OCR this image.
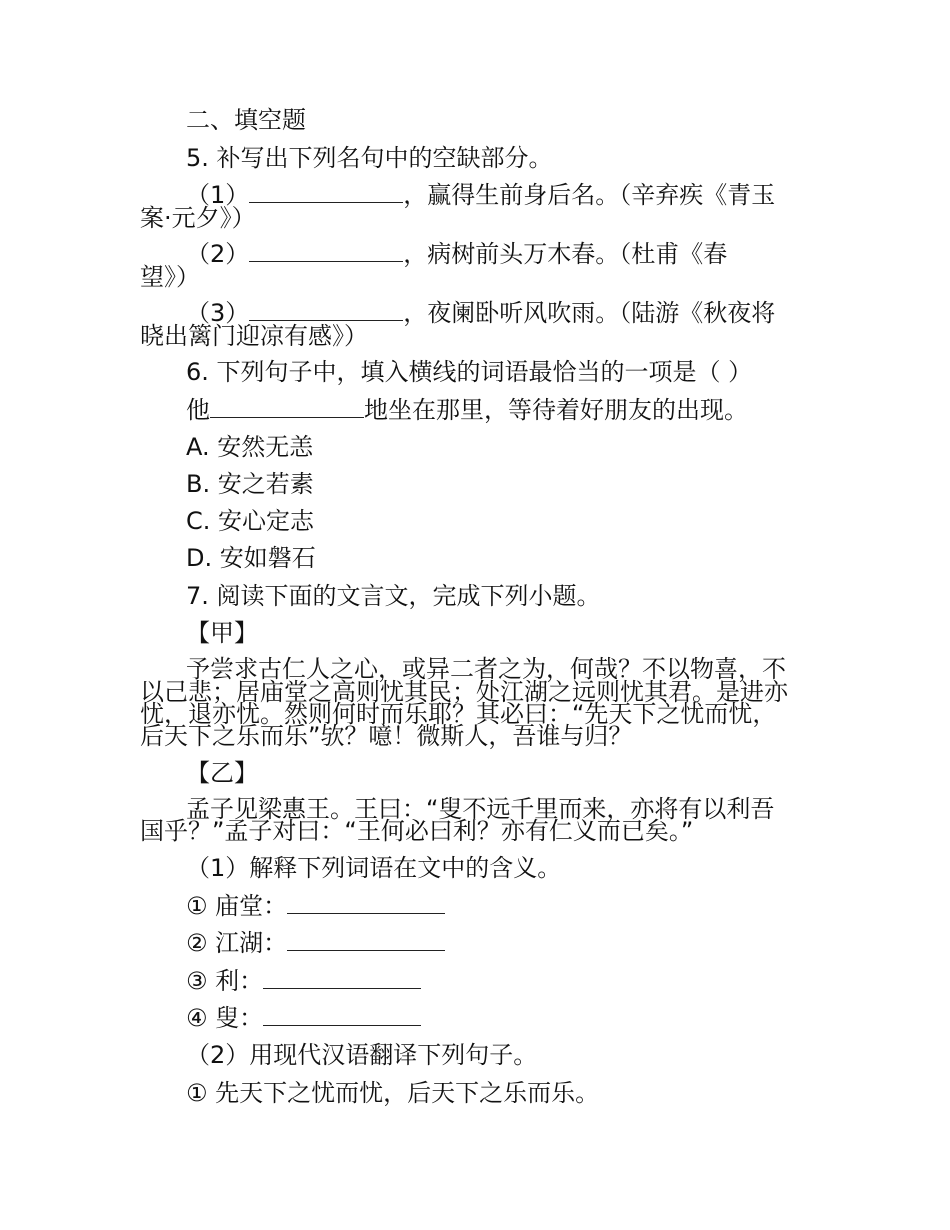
二、填空题
5. 补写出下列名句中的空缺部分。
（1）	，赢得生前身后名。（辛弃疾《青玉
案·元夕》）
（2）	，病树前头万木春。（杜甫《春
望》）
（3）	，夜阑卧听风吹雨。（陆游《秋夜将
晓出篱门迎凉有感》）
6. 下列句子中，填入横线的词语最恰当的一项是（ ）
他	地坐在那里，等待着好朋友的出现。
A. 安然无恙
B. 安之若素
C. 安心定志
D. 安如磐石
7. 阅读下面的文言文，完成下列小题。
【甲】
予尝求古仁人之心，或异二者之为，何哉？不以物喜，不
以己悲；居庙堂之高则忧其民；处江湖之远则忧其君。是进亦
忧，退亦忧。然则何时而乐耶？其必曰：“先天下之忧而忧，
后天下之乐而乐”欤？噫！微斯人，吾谁与归？
【乙】
孟子见梁惠王。王曰：“叟不远千里而来，亦将有以利吾
国乎？”孟子对曰：“王何必曰利？亦有仁义而已矣。”
（1）解释下列词语在文中的含义。
① 庙堂：
② 江湖：
③ 利：
④ 叟：
（2）用现代汉语翻译下列句子。
① 先天下之忧而忧，后天下之乐而乐。
